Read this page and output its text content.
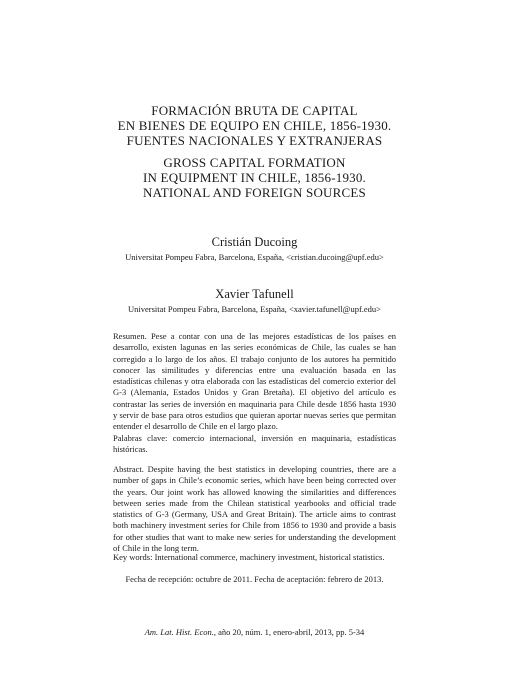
FORMACIÓN BRUTA DE CAPITAL
EN BIENES DE EQUIPO EN CHILE, 1856-1930.
FUENTES NACIONALES Y EXTRANJERAS
GROSS CAPITAL FORMATION
IN EQUIPMENT IN CHILE, 1856-1930.
NATIONAL AND FOREIGN SOURCES
Cristián Ducoing
Universitat Pompeu Fabra, Barcelona, España, <cristian.ducoing@upf.edu>
Xavier Tafunell
Universitat Pompeu Fabra, Barcelona, España, <xavier.tafunell@upf.edu>
Resumen. Pese a contar con una de las mejores estadísticas de los países en desarrollo, existen lagunas en las series económicas de Chile, las cuales se han corregido a lo largo de los años. El trabajo conjunto de los autores ha permitido conocer las similitudes y diferencias entre una evaluación basada en las estadísticas chilenas y otra elaborada con las estadísticas del comercio exterior del G-3 (Alemania, Estados Unidos y Gran Bretaña). El objetivo del artículo es contrastar las series de inversión en maquinaria para Chile desde 1856 hasta 1930 y servir de base para otros estudios que quieran aportar nuevas series que permitan entender el desarrollo de Chile en el largo plazo.
Palabras clave: comercio internacional, inversión en maquinaria, estadísticas históricas.
Abstract. Despite having the best statistics in developing countries, there are a number of gaps in Chile’s economic series, which have been being corrected over the years. Our joint work has allowed knowing the similarities and differences between series made from the Chilean statistical yearbooks and official trade statistics of G-3 (Germany, USA and Great Britain). The article aims to contrast both machinery investment series for Chile from 1856 to 1930 and provide a basis for other studies that want to make new series for understanding the development of Chile in the long term.
Key words: International commerce, machinery investment, historical statistics.
Fecha de recepción: octubre de 2011. Fecha de aceptación: febrero de 2013.
Am. Lat. Hist. Econ., año 20, núm. 1, enero-abril, 2013, pp. 5-34
